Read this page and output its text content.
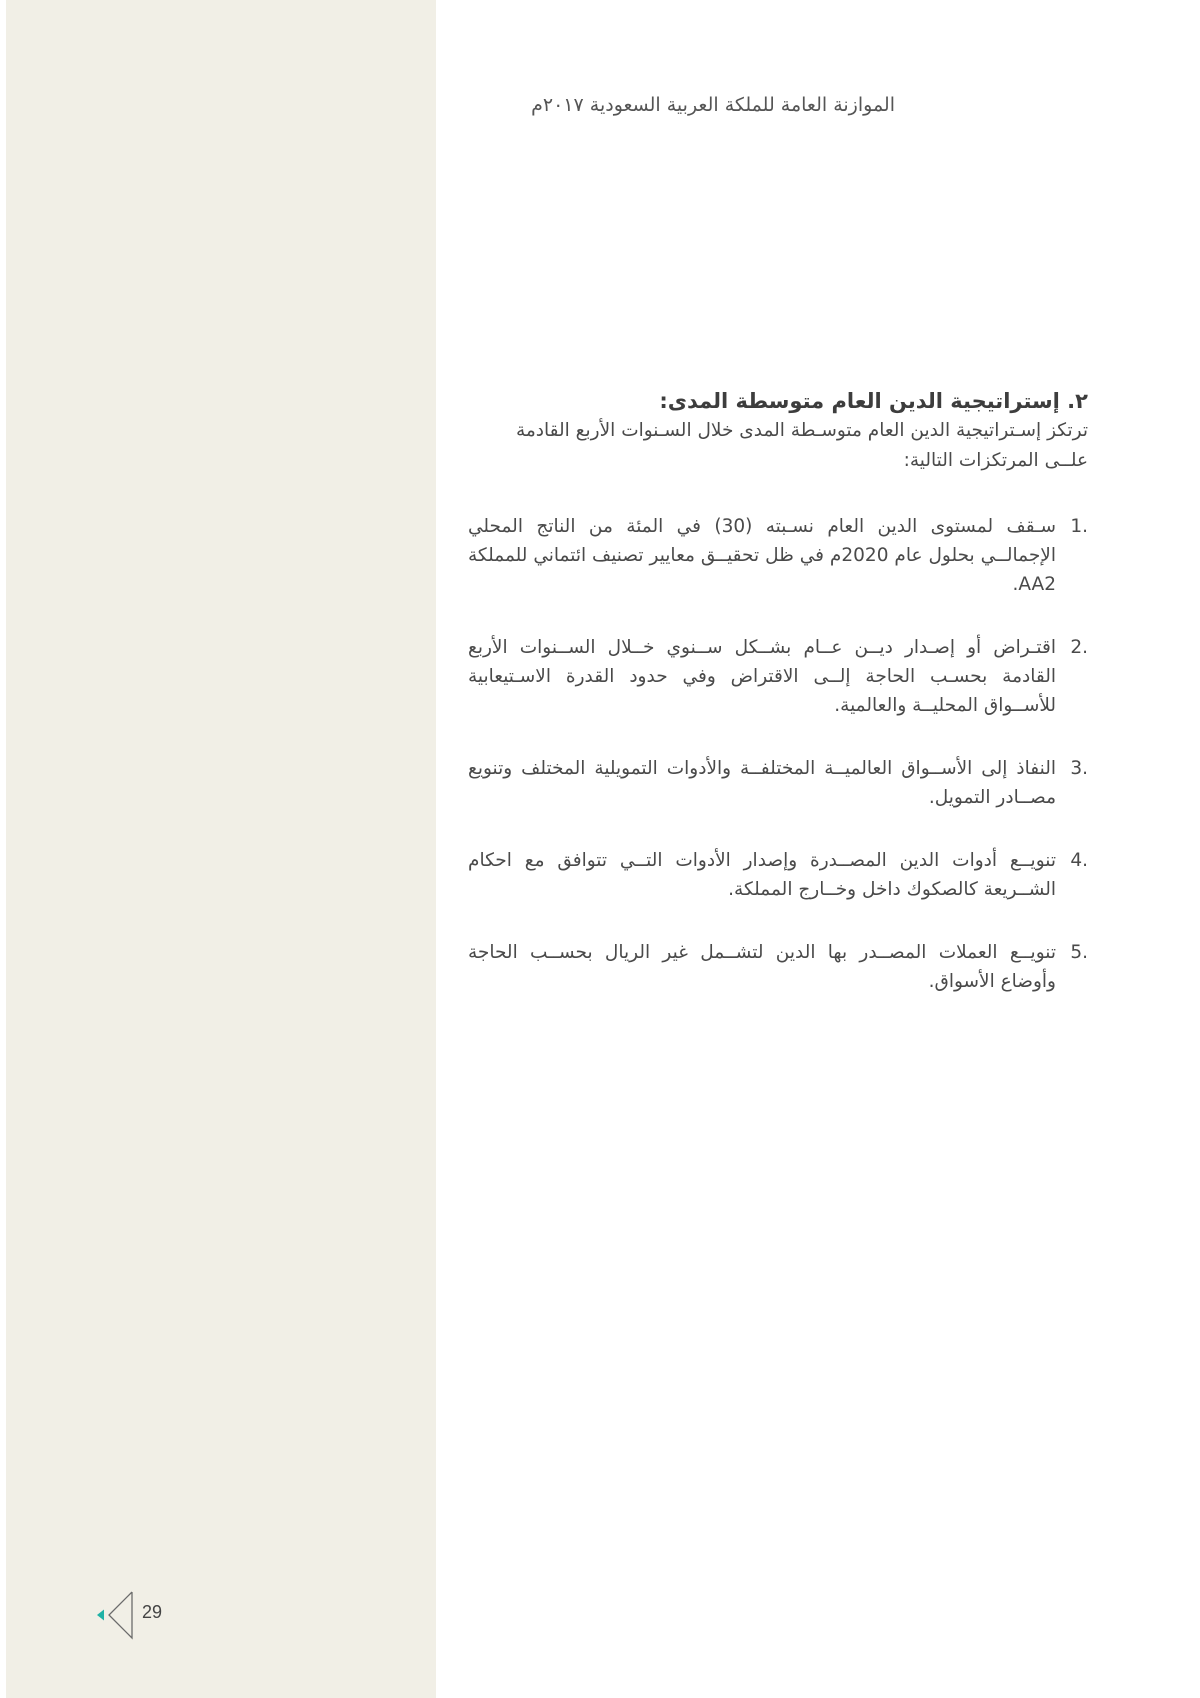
الموازنة العامة للملكة العربية السعودية ٢٠١٧م
٢. إستراتيجية الدين العام متوسطة المدى:

ترتكز إسـتراتيجية الدين العام متوسـطة المدى خلال السـنوات الأربع القادمة علــى المرتكزات التالية:

.1
سـقف لمستوى الدين العام نسـبته (30) في المئة من الناتج المحلي الإجمالــي بحلول عام 2020م في ظل تحقيــق معايير تصنيف ائتماني للمملكة AA2.
.2
اقتـراض أو إصـدار ديــن عــام بشــكل ســنوي خــلال الســنوات الأربع القادمة بحسـب الحاجة إلــى الاقتراض وفي حدود القدرة الاسـتيعابية للأســواق المحليــة والعالمية.
.3
النفاذ إلى الأســواق العالميــة المختلفــة والأدوات التمويلية المختلف وتنويع مصــادر التمويل.
.4
تنويــع أدوات الدين المصــدرة وإصدار الأدوات التــي تتوافق مع احكام الشــريعة كالصكوك داخل وخــارج المملكة.
.5
تنويــع العملات المصــدر بها الدين لتشــمل غير الريال بحســب الحاجة وأوضاع الأسواق.
29
